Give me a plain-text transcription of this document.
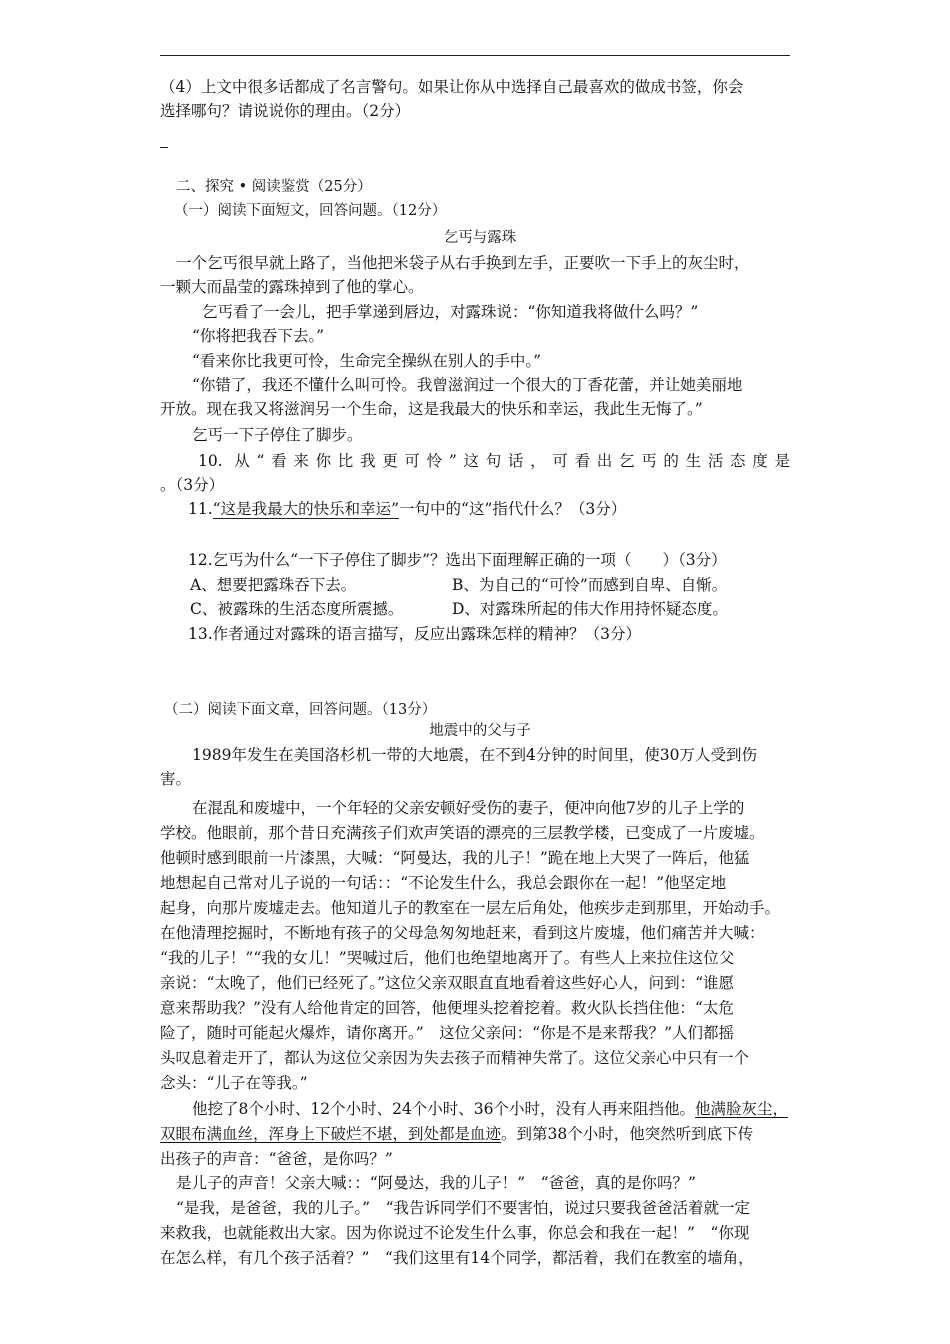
（4）上文中很多话都成了名言警句。如果让你从中选择自己最喜欢的做成书签，你会
选择哪句？请说说你的理由。（2分）
二、探究 • 阅读鉴赏（25分）
（一）阅读下面短文，回答问题。（12分）
乞丐与露珠
一个乞丐很早就上路了，当他把米袋子从右手换到左手，正要吹一下手上的灰尘时，
一颗大而晶莹的露珠掉到了他的掌心。
乞丐看了一会儿，把手掌递到唇边，对露珠说：“你知道我将做什么吗？”
“你将把我吞下去。”
“看来你比我更可怜，生命完全操纵在别人的手中。”
“你错了，我还不懂什么叫可怜。我曾滋润过一个很大的丁香花蕾，并让她美丽地
开放。现在我又将滋润另一个生命，这是我最大的快乐和幸运，我此生无悔了。”
乞丐一下子停住了脚步。
10. 从“看来你比我更可怜”这句话，可看出乞丐的生活态度是
。（3分）
11.“这是我最大的快乐和幸运”一句中的“这”指代什么？（3分）
12.乞丐为什么“一下子停住了脚步”？选出下面理解正确的一项（　　）（3分）
A、想要把露珠吞下去。	B、为自己的“可怜”而感到自卑、自惭。
C、被露珠的生活态度所震撼。	D、对露珠所起的伟大作用持怀疑态度。
13.作者通过对露珠的语言描写，反应出露珠怎样的精神？（3分）
（二）阅读下面文章，回答问题。（13分）
地震中的父与子
1989年发生在美国洛杉机一带的大地震，在不到4分钟的时间里，使30万人受到伤
害。
在混乱和废墟中，一个年轻的父亲安顿好受伤的妻子，便冲向他7岁的儿子上学的
学校。他眼前，那个昔日充满孩子们欢声笑语的漂亮的三层教学楼，已变成了一片废墟。
他顿时感到眼前一片漆黑，大喊：“阿曼达，我的儿子！”跪在地上大哭了一阵后，他猛
地想起自己常对儿子说的一句话：：“不论发生什么，我总会跟你在一起！”他坚定地
起身，向那片废墟走去。他知道儿子的教室在一层左后角处，他疾步走到那里，开始动手。
在他清理挖掘时，不断地有孩子的父母急匆匆地赶来，看到这片废墟，他们痛苦并大喊：
“我的儿子！”“我的女儿！”哭喊过后，他们也绝望地离开了。有些人上来拉住这位父
亲说：“太晚了，他们已经死了。”这位父亲双眼直直地看着这些好心人，问到：“谁愿
意来帮助我？”没有人给他肯定的回答，他便埋头挖着挖着。救火队长挡住他：“太危
险了，随时可能起火爆炸，请你离开。”　这位父亲问：“你是不是来帮我？”人们都摇
头叹息着走开了，都认为这位父亲因为失去孩子而精神失常了。这位父亲心中只有一个
念头：“儿子在等我。”
他挖了8个小时、12个小时、24个小时、36个小时，没有人再来阻挡他。他满脸灰尘，
双眼布满血丝，浑身上下破烂不堪，到处都是血迹。到第38个小时，他突然听到底下传
出孩子的声音：“爸爸，是你吗？”
是儿子的声音！父亲大喊：：“阿曼达，我的儿子！”　“爸爸，真的是你吗？”
“是我，是爸爸，我的儿子。”　“我告诉同学们不要害怕，说过只要我爸爸活着就一定
来救我，也就能救出大家。因为你说过不论发生什么事，你总会和我在一起！”　“你现
在怎么样，有几个孩子活着？”　“我们这里有14个同学，都活着，我们在教室的墙角，
